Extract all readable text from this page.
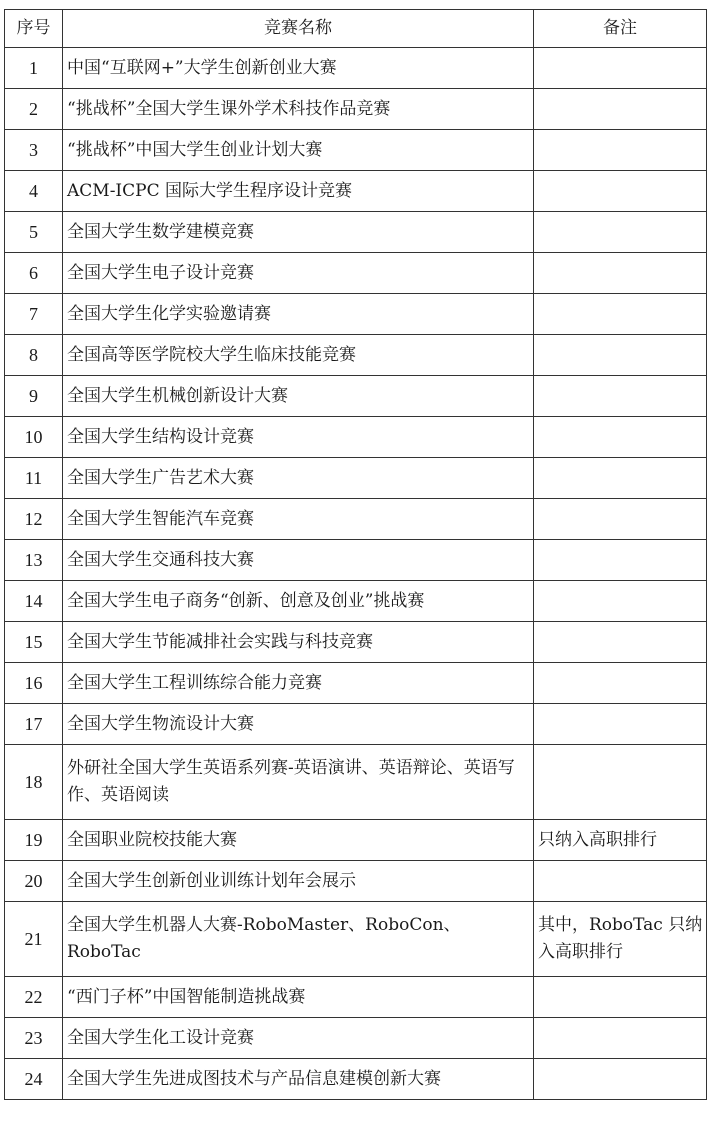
序号	竞赛名称	备注
1	中国“互联网+”大学生创新创业大赛	
2	“挑战杯”全国大学生课外学术科技作品竞赛	
3	“挑战杯”中国大学生创业计划大赛	
4	ACM-ICPC 国际大学生程序设计竞赛	
5	全国大学生数学建模竞赛	
6	全国大学生电子设计竞赛	
7	全国大学生化学实验邀请赛	
8	全国高等医学院校大学生临床技能竞赛	
9	全国大学生机械创新设计大赛	
10	全国大学生结构设计竞赛	
11	全国大学生广告艺术大赛	
12	全国大学生智能汽车竞赛	
13	全国大学生交通科技大赛	
14	全国大学生电子商务“创新、创意及创业”挑战赛	
15	全国大学生节能减排社会实践与科技竞赛	
16	全国大学生工程训练综合能力竞赛	
17	全国大学生物流设计大赛	
18	外研社全国大学生英语系列赛-英语演讲、英语辩论、英语写作、英语阅读	
19	全国职业院校技能大赛	只纳入高职排行
20	全国大学生创新创业训练计划年会展示	
21	全国大学生机器人大赛-RoboMaster、RoboCon、RoboTac	其中，RoboTac 只纳入高职排行
22	“西门子杯”中国智能制造挑战赛	
23	全国大学生化工设计竞赛	
24	全国大学生先进成图技术与产品信息建模创新大赛	
